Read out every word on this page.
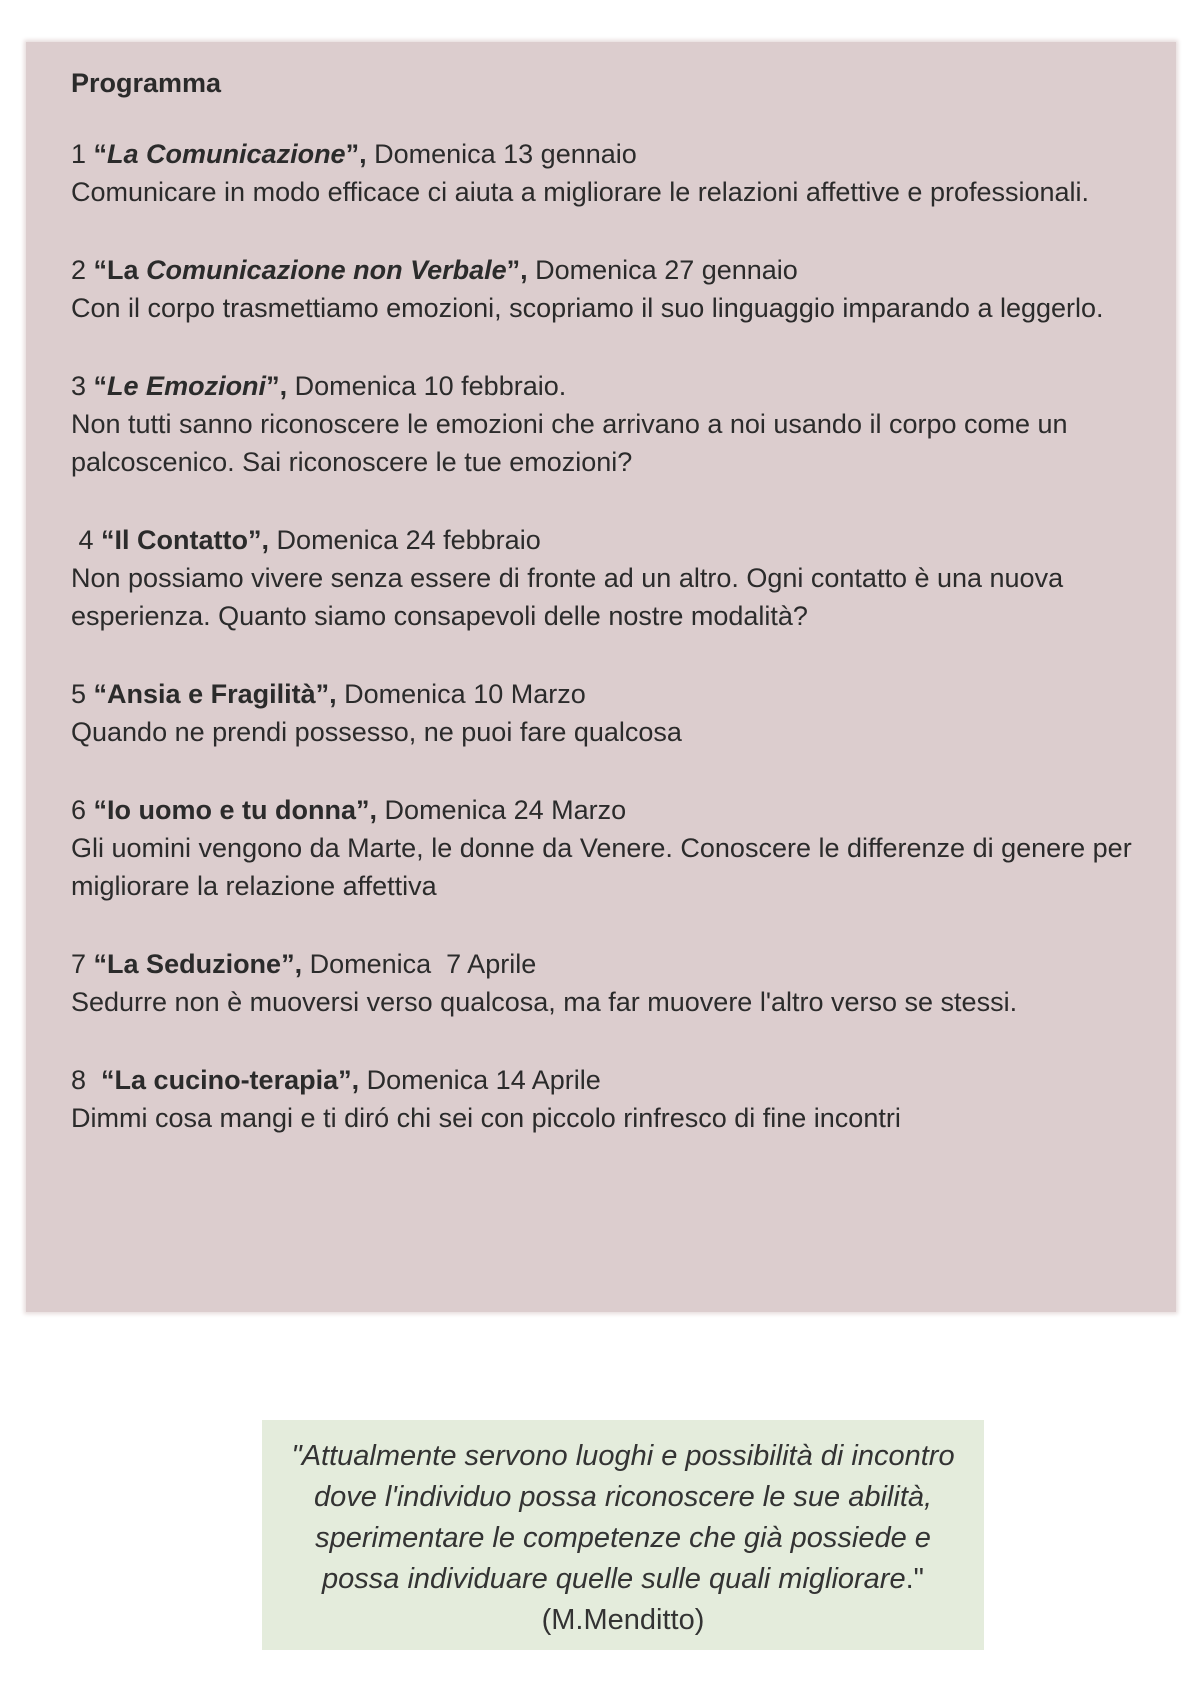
Programma
1 “La Comunicazione”, Domenica 13 gennaio
Comunicare in modo efficace ci aiuta a migliorare le relazioni affettive e professionali.
2 “La Comunicazione non Verbale”, Domenica 27 gennaio
Con il corpo trasmettiamo emozioni, scopriamo il suo linguaggio imparando a leggerlo.
3 “Le Emozioni”, Domenica 10 febbraio.
Non tutti sanno riconoscere le emozioni che arrivano a noi usando il corpo come un palcoscenico. Sai riconoscere le tue emozioni?
4 “Il Contatto”, Domenica 24 febbraio
Non possiamo vivere senza essere di fronte ad un altro. Ogni contatto è una nuova esperienza. Quanto siamo consapevoli delle nostre modalità?
5 “Ansia e Fragilità”, Domenica 10 Marzo
Quando ne prendi possesso, ne puoi fare qualcosa
6 “Io uomo e tu donna”, Domenica 24 Marzo
Gli uomini vengono da Marte, le donne da Venere. Conoscere le differenze di genere per migliorare la relazione affettiva
7 “La Seduzione”, Domenica  7 Aprile
Sedurre non è muoversi verso qualcosa, ma far muovere l'altro verso se stessi.
8  “La cucino-terapia”, Domenica 14 Aprile
Dimmi cosa mangi e ti diró chi sei con piccolo rinfresco di fine incontri
"Attualmente servono luoghi e possibilità di incontro dove l'individuo possa riconoscere le sue abilità, sperimentare le competenze che già possiede e possa individuare quelle sulle quali migliorare." (M.Menditto)
